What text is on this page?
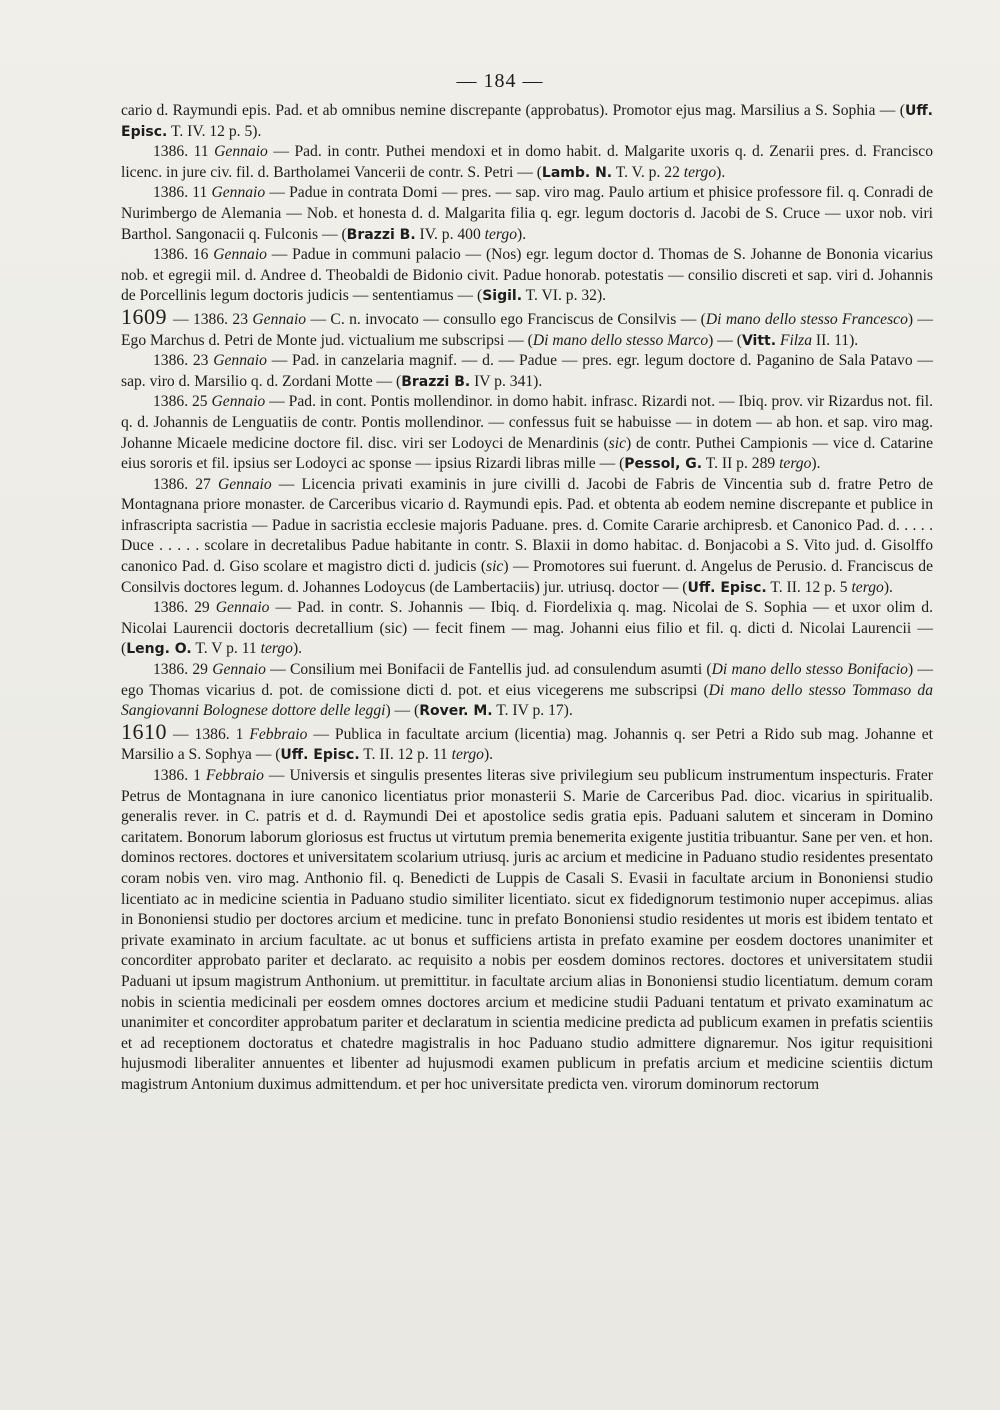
— 184 —

cario d. Raymundi epis. Pad. et ab omnibus nemine discrepante (approbatus). Promotor ejus mag. Marsilius a S. Sophia — (Uff. Episc. T. IV. 12 p. 5).

1386. 11 Gennaio — Pad. in contr. Puthei mendoxi et in domo habit. d. Malgarite uxoris q. d. Zenarii pres. d. Francisco licenc. in jure civ. fil. d. Bartholamei Vancerii de contr. S. Petri — (Lamb. N. T. V. p. 22 tergo).

1386. 11 Gennaio — Padue in contrata Domi — pres. — sap. viro mag. Paulo artium et phisice professore fil. q. Conradi de Nurimbergo de Alemania — Nob. et honesta d. d. Malgarita filia q. egr. legum doctoris d. Jacobi de S. Cruce — uxor nob. viri Barthol. Sangonacii q. Fulconis — (Brazzi B. IV. p. 400 tergo).

1386. 16 Gennaio — Padue in communi palacio — (Nos) egr. legum doctor d. Thomas de S. Johanne de Bononia vicarius nob. et egregii mil. d. Andree d. Theobaldi de Bidonio civit. Padue honorab. potestatis — consilio discreti et sap. viri d. Johannis de Porcellinis legum doctoris judicis — sententiamus — (Sigil. T. VI. p. 32).

1609 — 1386. 23 Gennaio — C. n. invocato — consullo ego Franciscus de Consilvis — (Di mano dello stesso Francesco) — Ego Marchus d. Petri de Monte jud. victualium me subscripsi — (Di mano dello stesso Marco) — (Vitt. Filza II. 11).

1386. 23 Gennaio — Pad. in canzelaria magnif. — d. — Padue — pres. egr. legum doctore d. Paganino de Sala Patavo — sap. viro d. Marsilio q. d. Zordani Motte — (Brazzi B. IV p. 341).

1386. 25 Gennaio — Pad. in cont. Pontis mollendinor. in domo habit. infrasc. Rizardi not. — Ibiq. prov. vir Rizardus not. fil. q. d. Johannis de Lenguatiis de contr. Pontis mollendinor. — confessus fuit se habuisse — in dotem — ab hon. et sap. viro mag. Johanne Micaele medicine doctore fil. disc. viri ser Lodoyci de Menardinis (sic) de contr. Puthei Campionis — vice d. Catarine eius sororis et fil. ipsius ser Lodoyci ac sponse — ipsius Rizardi libras mille — (Pessol, G. T. II p. 289 tergo).

1386. 27 Gennaio — Licencia privati examinis in jure civilli d. Jacobi de Fabris de Vincentia sub d. fratre Petro de Montagnana priore monaster. de Carceribus vicario d. Raymundi epis. Pad. et obtenta ab eodem nemine discrepante et publice in infrascripta sacristia — Padue in sacristia ecclesie majoris Paduane. pres. d. Comite Cararie archipresb. et Canonico Pad. d. . . . . Duce . . . . . scolare in decretalibus Padue habitante in contr. S. Blaxii in domo habitac. d. Bonjacobi a S. Vito jud. d. Gisolffo canonico Pad. d. Giso scolare et magistro dicti d. judicis (sic) — Promotores sui fuerunt. d. Angelus de Perusio. d. Franciscus de Consilvis doctores legum. d. Johannes Lodoycus (de Lambertaciis) jur. utriusq. doctor — (Uff. Episc. T. II. 12 p. 5 tergo).

1386. 29 Gennaio — Pad. in contr. S. Johannis — Ibiq. d. Fiordelixia q. mag. Nicolai de S. Sophia — et uxor olim d. Nicolai Laurencii doctoris decretallium (sic) — fecit finem — mag. Johanni eius filio et fil. q. dicti d. Nicolai Laurencii — (Leng. O. T. V p. 11 tergo).

1386. 29 Gennaio — Consilium mei Bonifacii de Fantellis jud. ad consulendum asumti (Di mano dello stesso Bonifacio) — ego Thomas vicarius d. pot. de comissione dicti d. pot. et eius vicegerens me subscripsi (Di mano dello stesso Tommaso da Sangiovanni Bolognese dottore delle leggi) — (Rover. M. T. IV p. 17).

1610 — 1386. 1 Febbraio — Publica in facultate arcium (licentia) mag. Johannis q. ser Petri a Rido sub mag. Johanne et Marsilio a S. Sophya — (Uff. Episc. T. II. 12 p. 11 tergo).

1386. 1 Febbraio — Universis et singulis presentes literas sive privilegium seu publicum instrumentum inspecturis. Frater Petrus de Montagnana in iure canonico licentiatus prior monasterii S. Marie de Carceribus Pad. dioc. vicarius in spiritualib. generalis rever. in C. patris et d. d. Raymundi Dei et apostolice sedis gratia epis. Paduani salutem et sinceram in Domino caritatem. Bonorum laborum gloriosus est fructus ut virtutum premia benemerita exigente justitia tribuantur. Sane per ven. et hon. dominos rectores. doctores et universitatem scolarium utriusq. juris ac arcium et medicine in Paduano studio residentes presentato coram nobis ven. viro mag. Anthonio fil. q. Benedicti de Luppis de Casali S. Evasii in facultate arcium in Bononiensi studio licentiato ac in medicine scientia in Paduano studio similiter licentiato. sicut ex fidedignorum testimonio nuper accepimus. alias in Bononiensi studio per doctores arcium et medicine. tunc in prefato Bononiensi studio residentes ut moris est ibidem tentato et private examinato in arcium facultate. ac ut bonus et sufficiens artista in prefato examine per eosdem doctores unanimiter et concorditer approbato pariter et declarato. ac requisito a nobis per eosdem dominos rectores. doctores et universitatem studii Paduani ut ipsum magistrum Anthonium. ut premittitur. in facultate arcium alias in Bononiensi studio licentiatum. demum coram nobis in scientia medicinali per eosdem omnes doctores arcium et medicine studii Paduani tentatum et privato examinatum ac unanimiter et concorditer approbatum pariter et declaratum in scientia medicine predicta ad publicum examen in prefatis scientiis et ad receptionem doctoratus et chatedre magistralis in hoc Paduano studio admittere dignaremur. Nos igitur requisitioni hujusmodi liberaliter annuentes et libenter ad hujusmodi examen publicum in prefatis arcium et medicine scientiis dictum magistrum Antonium duximus admittendum. et per hoc universitate predicta ven. virorum dominorum rectorum
